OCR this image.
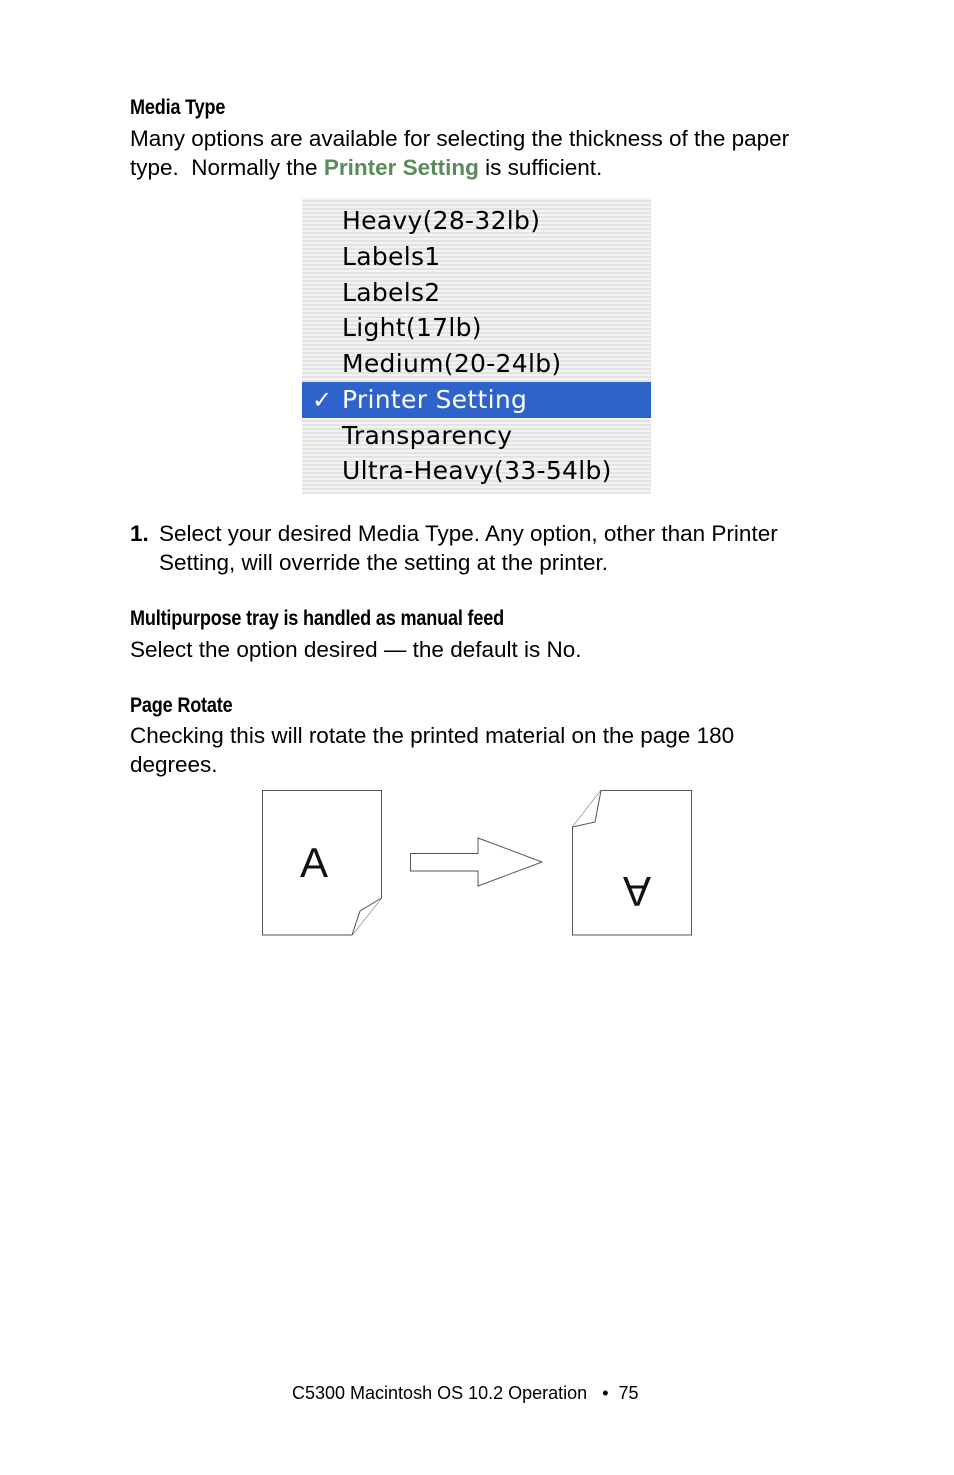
Media Type
Many options are available for selecting the thickness of the paper
type.  Normally the Printer Setting is sufficient.
Heavy(28-32lb)
Labels1
Labels2
Light(17lb)
Medium(20-24lb)
✓ Printer Setting
Transparency
Ultra-Heavy(33-54lb)
1. Select your desired Media Type. Any option, other than Printer
Setting, will override the setting at the printer.
Multipurpose tray is handled as manual feed
Select the option desired — the default is No.
Page Rotate
Checking this will rotate the printed material on the page 180
degrees.
A
A
C5300 Macintosh OS 10.2 Operation • 75
